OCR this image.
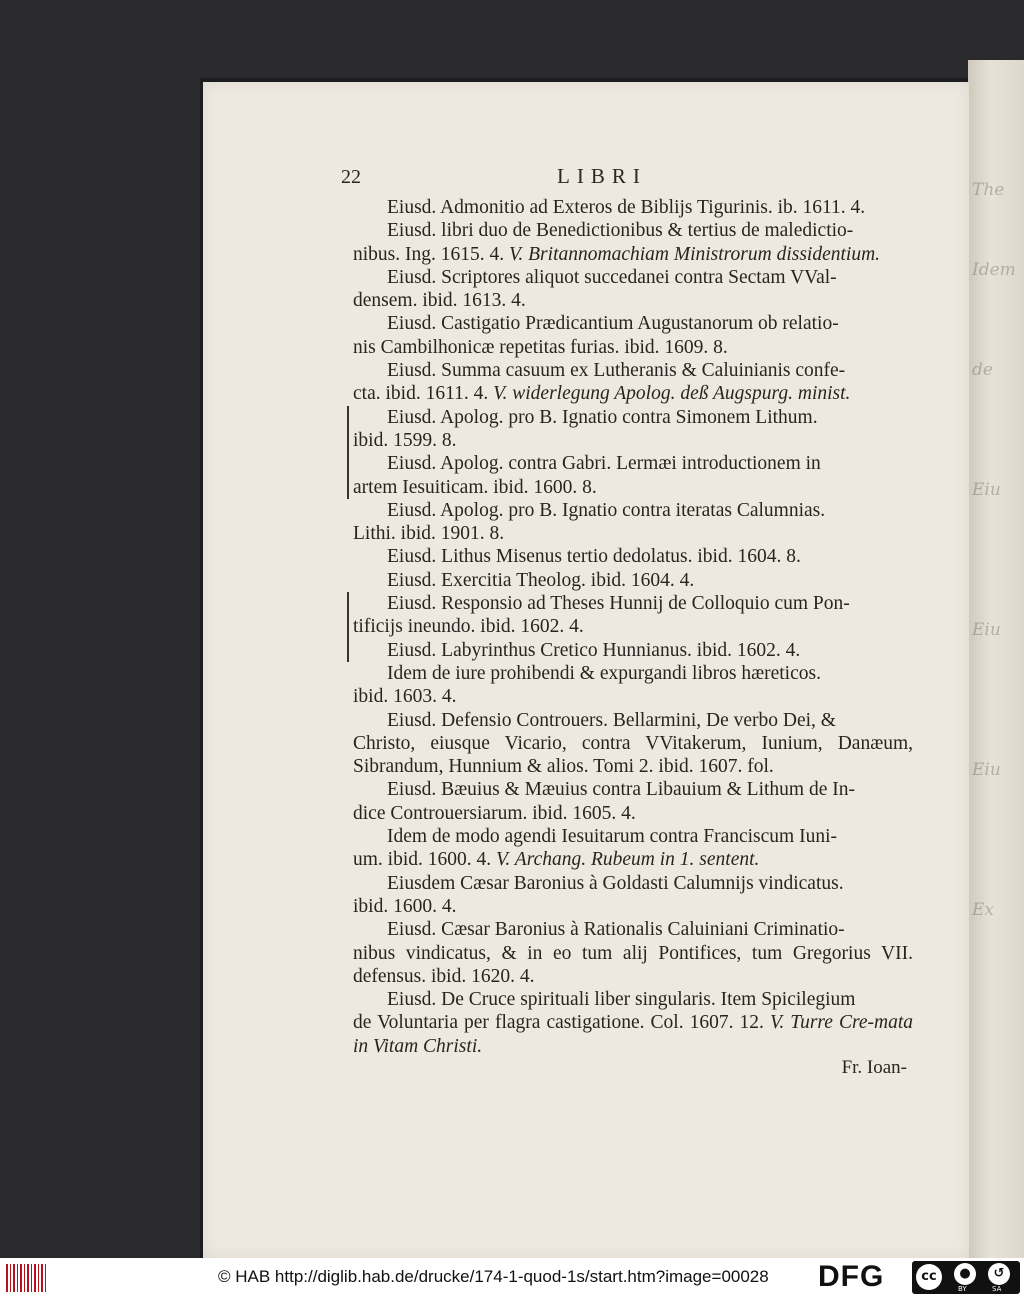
The
Idem
de
Eiu
Eiu
Eiu
Ex
22	LIBRI

Eiusd. Admonitio ad Exteros de Biblijs Tigurinis. ib. 1611. 4.

Eiusd. libri duo de Benedictionibus & tertius de maledictio-
nibus. Ing. 1615. 4. V. Britannomachiam Ministrorum dissidentium.

Eiusd. Scriptores aliquot succedanei contra Sectam VVal-
densem. ibid. 1613. 4.

Eiusd. Castigatio Prædicantium Augustanorum ob relatio-
nis Cambilhonicæ repetitas furias. ibid. 1609. 8.

Eiusd. Summa casuum ex Lutheranis & Caluinianis confe-
cta. ibid. 1611. 4. V. widerlegung Apolog. deß Augspurg. minist.

Eiusd. Apolog. pro B. Ignatio contra Simonem Lithum.
ibid. 1599. 8.

Eiusd. Apolog. contra Gabri. Lermæi introductionem in
artem Iesuiticam. ibid. 1600. 8.

Eiusd. Apolog. pro B. Ignatio contra iteratas Calumnias.
Lithi. ibid. 1901. 8.

Eiusd. Lithus Misenus tertio dedolatus. ibid. 1604. 8.

Eiusd. Exercitia Theolog. ibid. 1604. 4.

Eiusd. Responsio ad Theses Hunnij de Colloquio cum Pon-
tificijs ineundo. ibid. 1602. 4.

Eiusd. Labyrinthus Cretico Hunnianus. ibid. 1602. 4.

Idem de iure prohibendi & expurgandi libros hæreticos.
ibid. 1603. 4.

Eiusd. Defensio Controuers. Bellarmini, De verbo Dei, &
Christo, eiusque Vicario, contra VVitakerum, Iunium, Danæum, Sibrandum, Hunnium & alios. Tomi 2. ibid. 1607. fol.

Eiusd. Bæuius & Mæuius contra Libauium & Lithum de In-
dice Controuersiarum. ibid. 1605. 4.

Idem de modo agendi Iesuitarum contra Franciscum Iuni-
um. ibid. 1600. 4. V. Archang. Rubeum in 1. sentent.

Eiusdem Cæsar Baronius à Goldasti Calumnijs vindicatus.
ibid. 1600. 4.

Eiusd. Cæsar Baronius à Rationalis Caluiniani Criminatio-
nibus vindicatus, & in eo tum alij Pontifices, tum Gregorius VII. defensus. ibid. 1620. 4.

Eiusd. De Cruce spirituali liber singularis. Item Spicilegium
de Voluntaria per flagra castigatione. Col. 1607. 12. V. Turre Cre-mata in Vitam Christi.

Fr. Ioan-
© HAB http://diglib.hab.de/drucke/174-1-quod-1s/start.htm?image=00028 DFG	cc	●	↺
BY	SA
